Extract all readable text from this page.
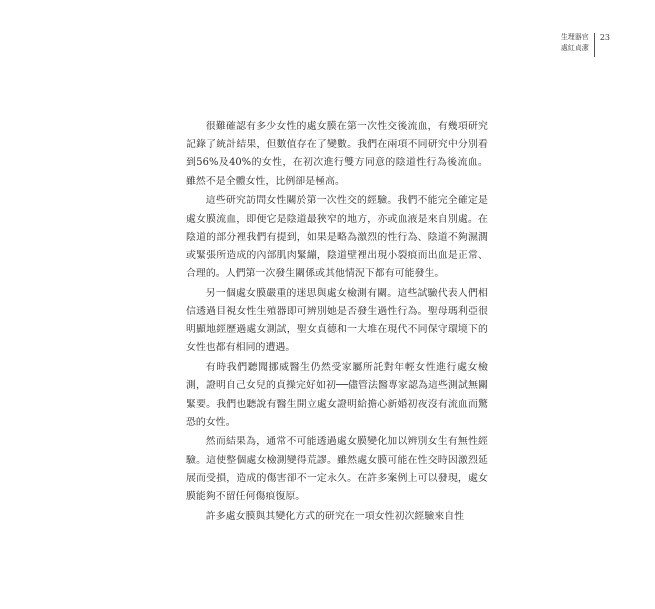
生理器官
處紅貞潔
23

很難確認有多少女性的處女膜在第一次性交後流血，有幾項研究記錄了統計結果，但數值存在了變數。我們在兩項不同研究中分別看到56%及40%的女性，在初次進行雙方同意的陰道性行為後流血。雖然不是全體女性，比例卻是極高。

這些研究訪問女性關於第一次性交的經驗。我們不能完全確定是處女膜流血，即便它是陰道最狹窄的地方，亦或血液是來自別處。在陰道的部分裡我們有提到，如果是略為激烈的性行為、陰道不夠濕潤或緊張所造成的內部肌肉緊繃，陰道壁裡出現小裂痕而出血是正常、合理的。人們第一次發生關係或其他情況下都有可能發生。

另一個處女膜嚴重的迷思與處女檢測有關。這些試驗代表人們相信透過目視女性生殖器即可辨別她是否發生過性行為。聖母瑪利亞很明顯地經歷過處女測試，聖女貞德和一大堆在現代不同保守環境下的女性也都有相同的遭遇。

有時我們聽聞挪威醫生仍然受家屬所託對年輕女性進行處女檢測，證明自己女兒的貞操完好如初──儘管法醫專家認為這些測試無關緊要。我們也聽說有醫生開立處女證明給擔心新婚初夜沒有流血而驚恐的女性。

然而結果為，通常不可能透過處女膜變化加以辨別女生有無性經驗。這使整個處女檢測變得荒謬。雖然處女膜可能在性交時因激烈延展而受損，造成的傷害卻不一定永久。在許多案例上可以發現，處女膜能夠不留任何傷痕復原。

許多處女膜與其變化方式的研究在一項女性初次經驗來自性
